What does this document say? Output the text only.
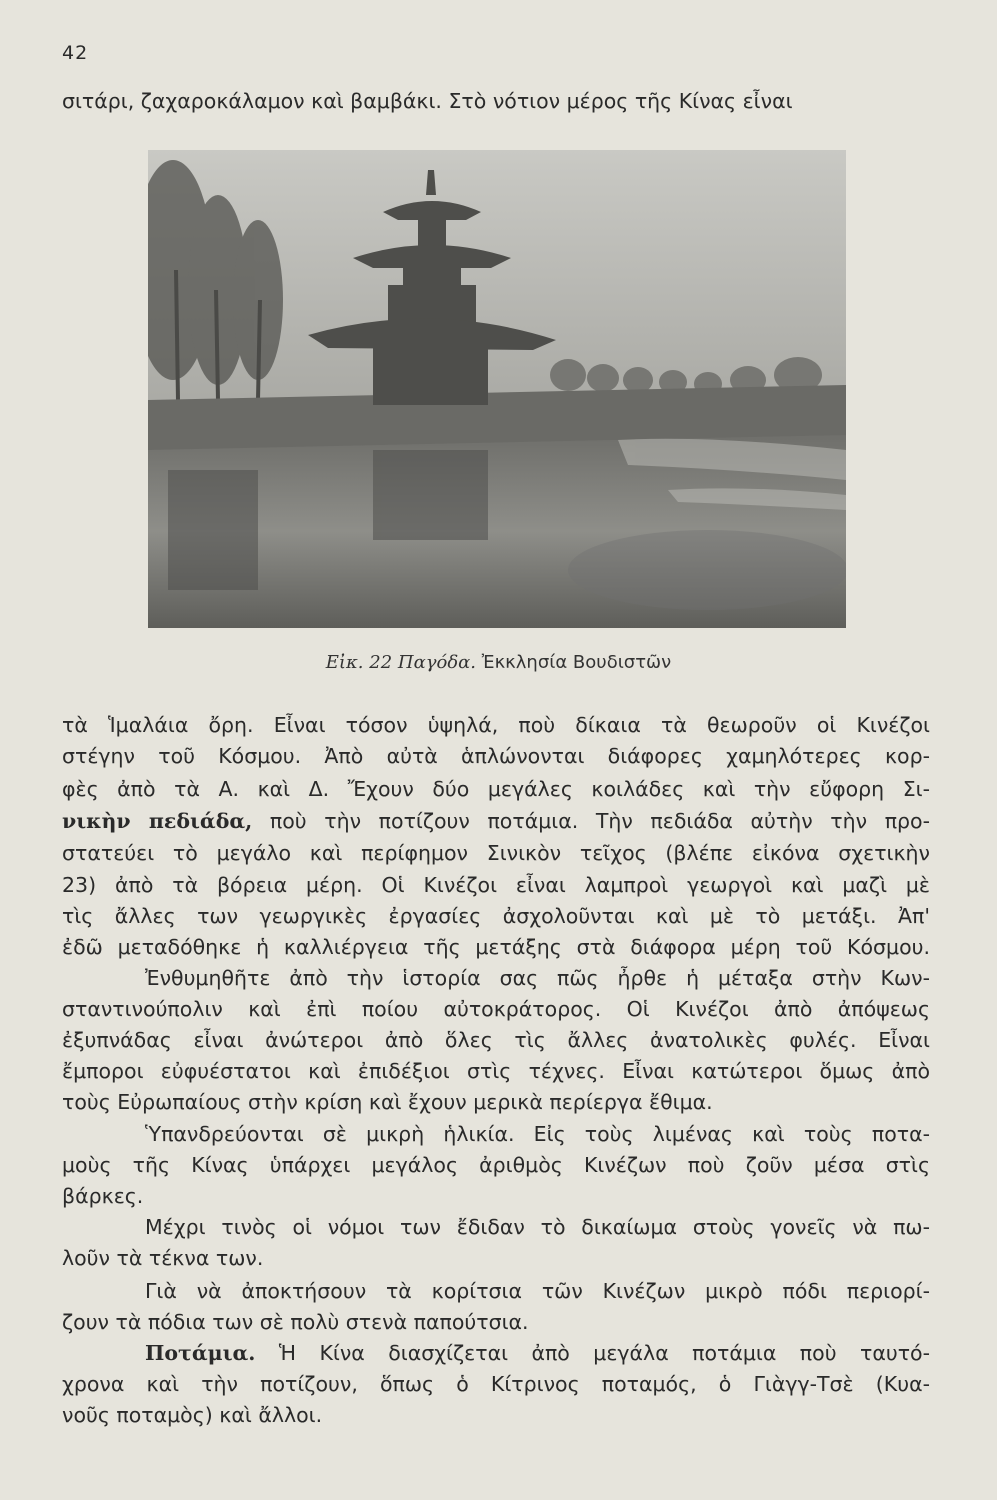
42
σιτάρι, ζαχαροκάλαμον καὶ βαμβάκι. Στὸ νότιον μέρος τῆς Κίνας εἶναι
Εἰκ. 22 Παγόδα. Ἐκκλησία Βουδιστῶν
τὰ Ἱμαλάια ὄρη. Εἶναι τόσον ὑψηλά, ποὺ δίκαια τὰ θεωροῦν οἱ Κινέζοι
στέγην τοῦ Κόσμου. Ἀπὸ αὐτὰ ἁπλώνονται διάφορες χαμηλότερες κορ-
φὲς ἀπὸ τὰ Α. καὶ Δ. Ἔχουν δύο μεγάλες κοιλάδες καὶ τὴν εὔφορη Σι-
νικὴν πεδιάδα, ποὺ τὴν ποτίζουν ποτάμια. Τὴν πεδιάδα αὐτὴν τὴν προ-
στατεύει τὸ μεγάλο καὶ περίφημον Σινικὸν τεῖχος (βλέπε εἰκόνα σχετικὴν
23) ἀπὸ τὰ βόρεια μέρη. Οἱ Κινέζοι εἶναι λαμπροὶ γεωργοὶ καὶ μαζὶ μὲ
τὶς ἄλλες των γεωργικὲς ἐργασίες ἀσχολοῦνται καὶ μὲ τὸ μετάξι. Ἀπ'
ἐδῶ μεταδόθηκε ἡ καλλιέργεια τῆς μετάξης στὰ διάφορα μέρη τοῦ Κόσμου.
Ἐνθυμηθῆτε ἀπὸ τὴν ἱστορία σας πῶς ἦρθε ἡ μέταξα στὴν Κων-
σταντινούπολιν καὶ ἐπὶ ποίου αὐτοκράτορος. Οἱ Κινέζοι ἀπὸ ἀπόψεως
ἐξυπνάδας εἶναι ἀνώτεροι ἀπὸ ὅλες τὶς ἄλλες ἀνατολικὲς φυλές. Εἶναι
ἔμποροι εὐφυέστατοι καὶ ἐπιδέξιοι στὶς τέχνες. Εἶναι κατώτεροι ὅμως ἀπὸ
τοὺς Εὐρωπαίους στὴν κρίση καὶ ἔχουν μερικὰ περίεργα ἔθιμα.
Ὑπανδρεύονται σὲ μικρὴ ἡλικία. Εἰς τοὺς λιμένας καὶ τοὺς ποτα-
μοὺς τῆς Κίνας ὑπάρχει μεγάλος ἀριθμὸς Κινέζων ποὺ ζοῦν μέσα στὶς
βάρκες.
Μέχρι τινὸς οἱ νόμοι των ἔδιδαν τὸ δικαίωμα στοὺς γονεῖς νὰ πω-
λοῦν τὰ τέκνα των.
Γιὰ νὰ ἀποκτήσουν τὰ κορίτσια τῶν Κινέζων μικρὸ πόδι περιορί-
ζουν τὰ πόδια των σὲ πολὺ στενὰ παπούτσια.
Ποτάμια. Ἡ Κίνα διασχίζεται ἀπὸ μεγάλα ποτάμια ποὺ ταυτό-
χρονα καὶ τὴν ποτίζουν, ὅπως ὁ Κίτρινος ποταμός, ὁ Γιὰγγ-Τσὲ (Κυα-
νοῦς ποταμὸς) καὶ ἄλλοι.
